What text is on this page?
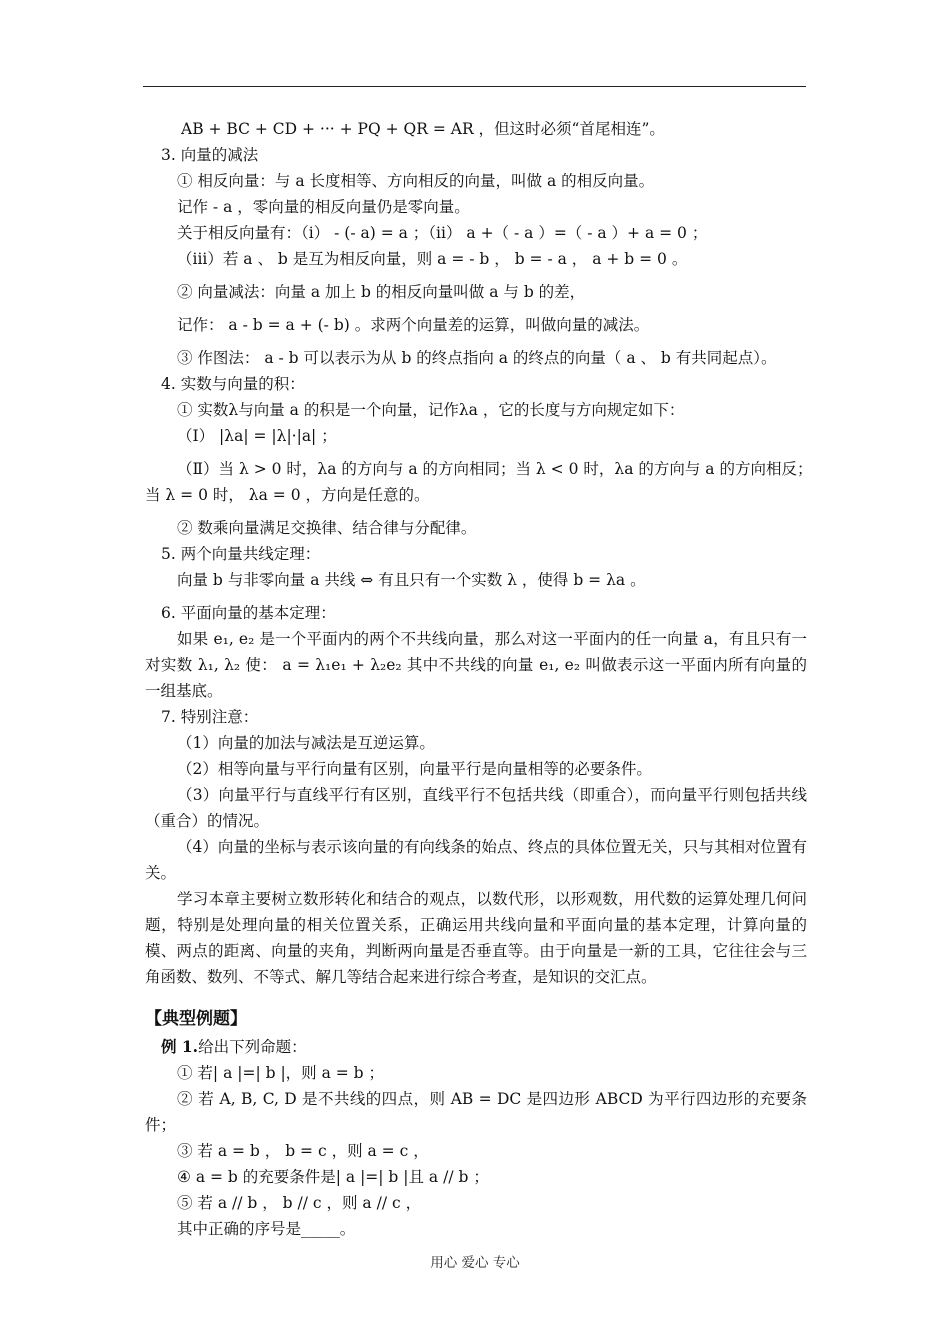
AB + BC + CD + ··· + PQ + QR = AR ，但这时必须“首尾相连”。
3. 向量的减法
① 相反向量：与 a 长度相等、方向相反的向量，叫做 a 的相反向量。
记作 - a ，零向量的相反向量仍是零向量。
关于相反向量有：（i） - (- a) = a ；（ii） a +（ - a ）=（ - a ）+ a = 0 ；
（iii）若 a 、 b 是互为相反向量，则 a = - b ， b = - a ， a + b = 0 。
② 向量减法：向量 a 加上 b 的相反向量叫做 a 与 b 的差，
记作： a - b = a + (- b) 。求两个向量差的运算，叫做向量的减法。
③ 作图法： a - b 可以表示为从 b 的终点指向 a 的终点的向量（ a 、 b 有共同起点）。
4. 实数与向量的积：
① 实数λ与向量 a 的积是一个向量，记作λa ，它的长度与方向规定如下：
（Ⅰ） |λa| = |λ|·|a| ；
（Ⅱ）当 λ > 0 时，λa 的方向与 a 的方向相同；当 λ < 0 时，λa 的方向与 a 的方向相反；
当 λ = 0 时， λa = 0 ，方向是任意的。
② 数乘向量满足交换律、结合律与分配律。
5. 两个向量共线定理：
向量 b 与非零向量 a 共线 ⇔ 有且只有一个实数 λ ，使得 b = λa 。
6. 平面向量的基本定理：
如果 e₁, e₂ 是一个平面内的两个不共线向量，那么对这一平面内的任一向量 a，有且只有一对实数 λ₁, λ₂ 使： a = λ₁e₁ + λ₂e₂ 其中不共线的向量 e₁, e₂ 叫做表示这一平面内所有向量的一组基底。
7. 特别注意：
（1）向量的加法与减法是互逆运算。
（2）相等向量与平行向量有区别，向量平行是向量相等的必要条件。
（3）向量平行与直线平行有区别，直线平行不包括共线（即重合），而向量平行则包括共线（重合）的情况。
（4）向量的坐标与表示该向量的有向线条的始点、终点的具体位置无关，只与其相对位置有关。
学习本章主要树立数形转化和结合的观点，以数代形，以形观数，用代数的运算处理几何问题，特别是处理向量的相关位置关系，正确运用共线向量和平面向量的基本定理，计算向量的模、两点的距离、向量的夹角，判断两向量是否垂直等。由于向量是一新的工具，它往往会与三角函数、数列、不等式、解几等结合起来进行综合考查，是知识的交汇点。
【典型例题】
例 1.给出下列命题：
① 若| a |=| b |，则 a = b ；
② 若 A, B, C, D 是不共线的四点，则 AB = DC 是四边形 ABCD 为平行四边形的充要条件；
③ 若 a = b ， b = c ，则 a = c ，
④ a = b 的充要条件是| a |=| b |且 a // b ；
⑤ 若 a // b ， b // c ，则 a // c ，
其中正确的序号是_____。
用心 爱心 专心
